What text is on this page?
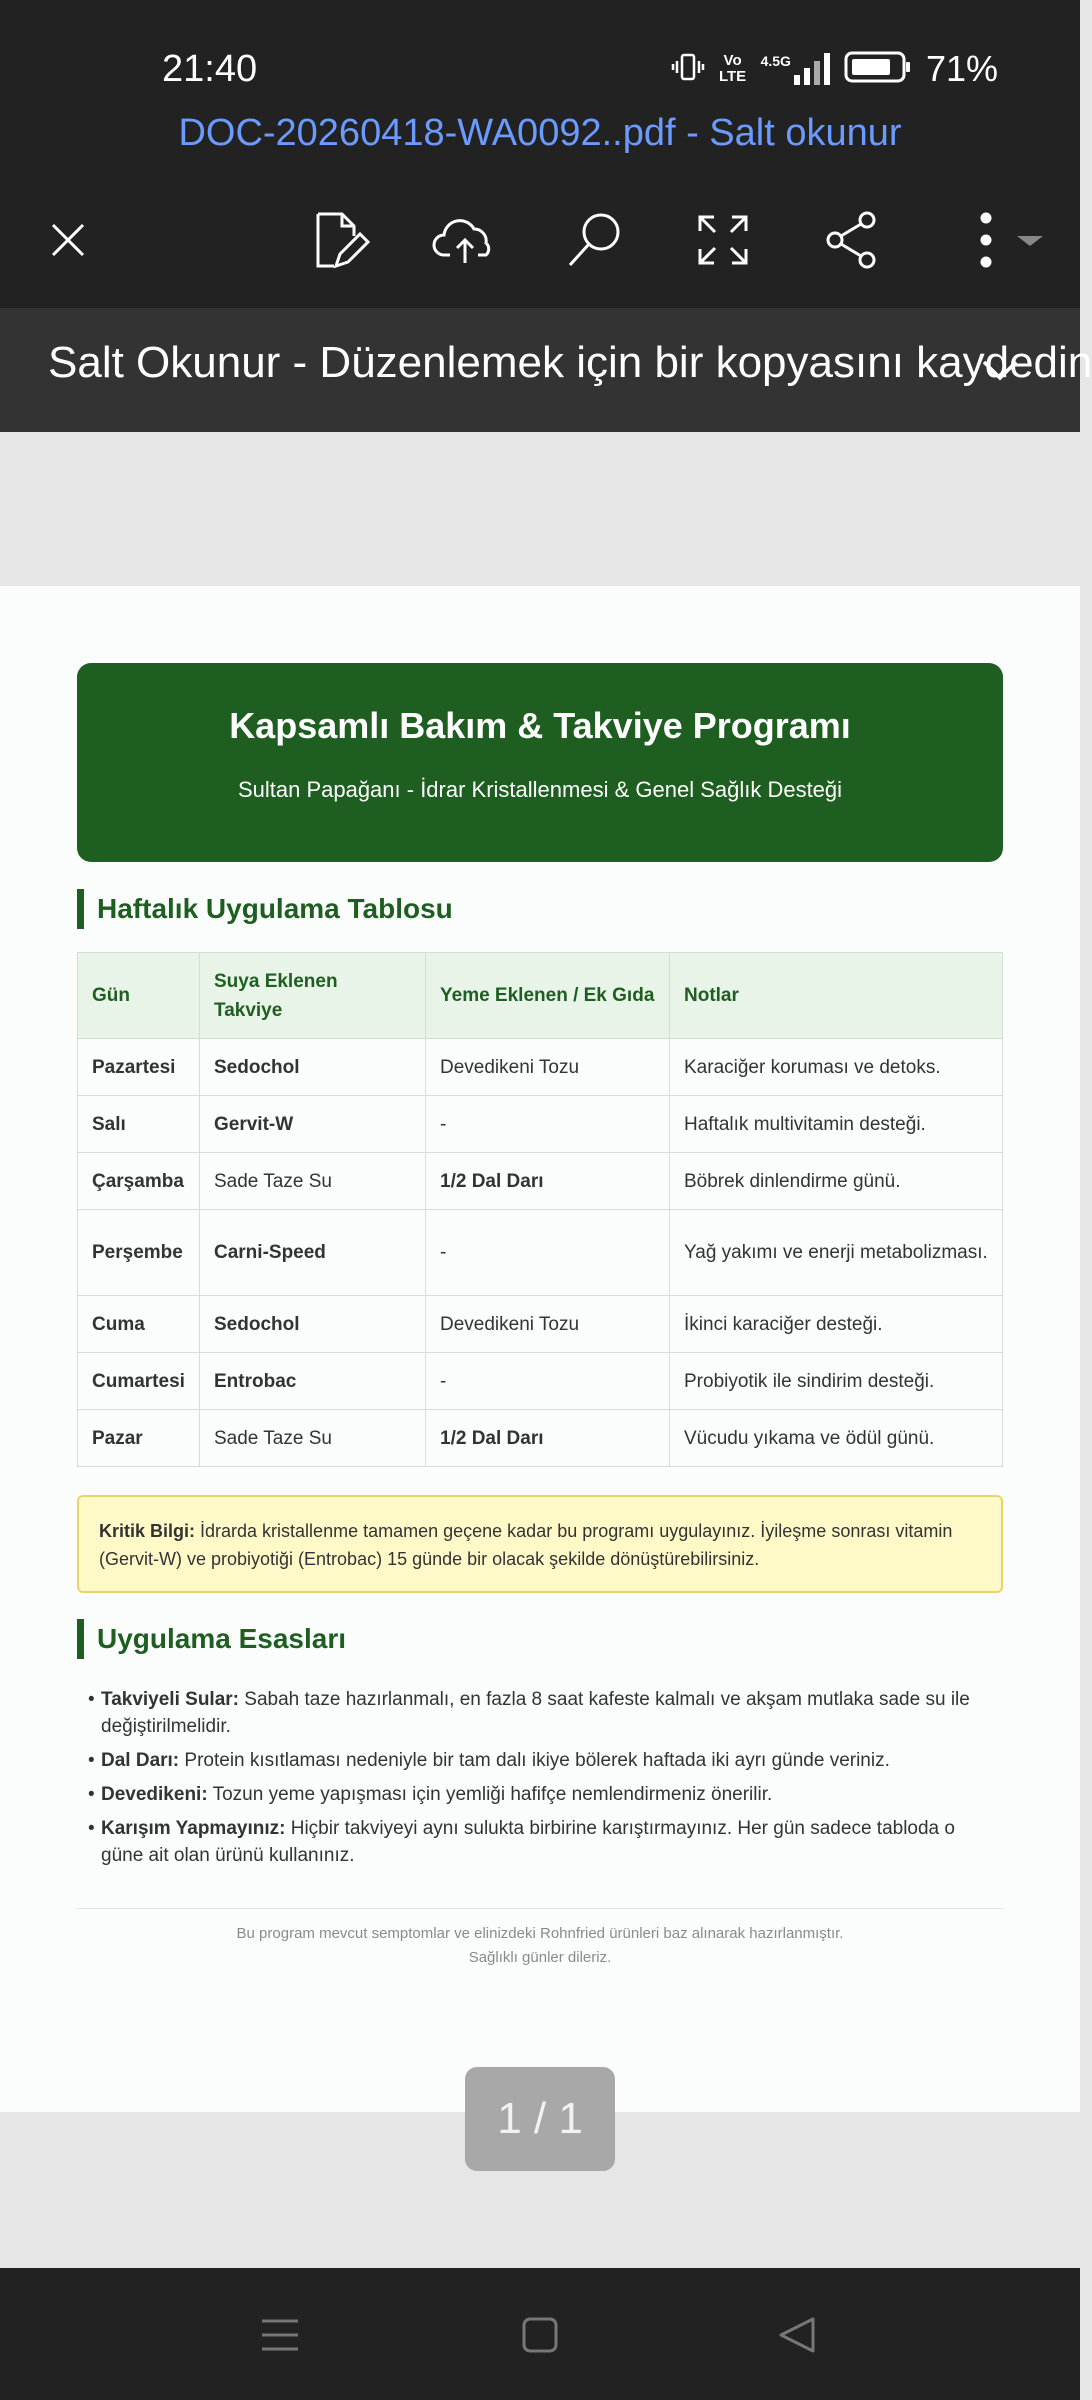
21:40	Vo LTE
4.5G	71%
DOC-20260418-WA0092..pdf - Salt okunur
Salt Okunur - Düzenlemek için bir kopyasını kaydedin
Kapsamlı Bakım & Takviye Programı
Sultan Papağanı - İdrar Kristallenmesi & Genel Sağlık Desteği
Haftalık Uygulama Tablosu
Gün	Suya Eklenen Takviye	Yeme Eklenen / Ek Gıda	Notlar
Pazartesi	Sedochol	Devedikeni Tozu	Karaciğer koruması ve detoks.
Salı	Gervit-W	-	Haftalık multivitamin desteği.
Çarşamba	Sade Taze Su	1/2 Dal Darı	Böbrek dinlendirme günü.
Perşembe	Carni-Speed	-	Yağ yakımı ve enerji metabolizması.
Cuma	Sedochol	Devedikeni Tozu	İkinci karaciğer desteği.
Cumartesi	Entrobac	-	Probiyotik ile sindirim desteği.
Pazar	Sade Taze Su	1/2 Dal Darı	Vücudu yıkama ve ödül günü.
Kritik Bilgi: İdrarda kristallenme tamamen geçene kadar bu programı uygulayınız. İyileşme sonrası vitamin (Gervit-W) ve probiyotiği (Entrobac) 15 günde bir olacak şekilde dönüştürebilirsiniz.
Uygulama Esasları
• Takviyeli Sular: Sabah taze hazırlanmalı, en fazla 8 saat kafeste kalmalı ve akşam mutlaka sade su ile değiştirilmelidir.
• Dal Darı: Protein kısıtlaması nedeniyle bir tam dalı ikiye bölerek haftada iki ayrı günde veriniz.
• Devedikeni: Tozun yeme yapışması için yemliği hafifçe nemlendirmeniz önerilir.
• Karışım Yapmayınız: Hiçbir takviyeyi aynı sulukta birbirine karıştırmayınız. Her gün sadece tabloda o güne ait olan ürünü kullanınız.
Bu program mevcut semptomlar ve elinizdeki Rohnfried ürünleri baz alınarak hazırlanmıştır.
Sağlıklı günler dileriz.
1 / 1
